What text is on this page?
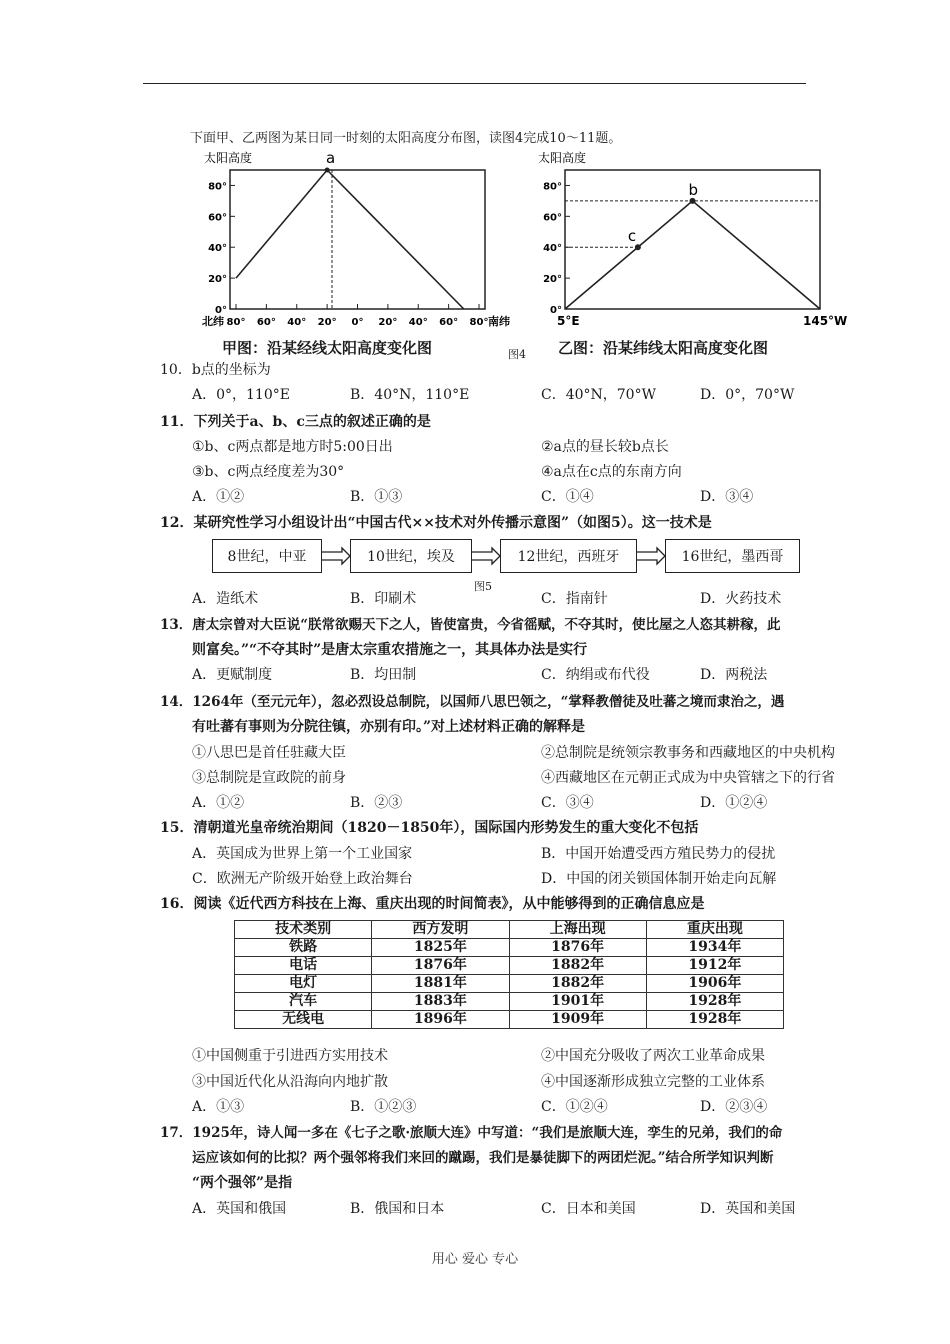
下面甲、乙两图为某日同一时刻的太阳高度分布图，读图4完成10～11题。
太阳高度	a
80°
60°
40°
20°
0°
北纬 80° 60° 40° 20° 0° 20° 40° 60° 80° 南纬
甲图：沿某经线太阳高度变化图	图4
太阳高度
80°
60°
40°
20°
0°
b
c
5°E	145°W
乙图：沿某纬线太阳高度变化图
10．b点的坐标为
A．0°，110°E	B．40°N，110°E	C．40°N，70°W	D．0°，70°W
11．下列关于a、b、c三点的叙述正确的是
①b、c两点都是地方时5:00日出	②a点的昼长较b点长
③b、c两点经度差为30°	④a点在c点的东南方向
A．①②	B．①③	C．①④	D．③④
12．某研究性学习小组设计出“中国古代××技术对外传播示意图”（如图5）。这一技术是
8世纪，中亚	10世纪，埃及	12世纪，西班牙	16世纪，墨西哥
图5
A．造纸术	B．印刷术	C．指南针	D．火药技术
13．唐太宗曾对大臣说“朕常欲赐天下之人，皆使富贵，今省徭赋，不夺其时，使比屋之人恣其耕稼，此
则富矣。”“不夺其时”是唐太宗重农措施之一，其具体办法是实行
A．更赋制度	B．均田制	C．纳绢或布代役	D．两税法
14．1264年（至元元年），忽必烈设总制院，以国师八思巴领之，“掌释教僧徒及吐蕃之境而隶治之，遇
有吐蕃有事则为分院往镇，亦别有印。”对上述材料正确的解释是
①八思巴是首任驻藏大臣	②总制院是统领宗教事务和西藏地区的中央机构
③总制院是宣政院的前身	④西藏地区在元朝正式成为中央管辖之下的行省
A．①②	B．②③	C．③④	D．①②④
15．清朝道光皇帝统治期间（1820－1850年），国际国内形势发生的重大变化不包括
A．英国成为世界上第一个工业国家	B．中国开始遭受西方殖民势力的侵扰
C．欧洲无产阶级开始登上政治舞台	D．中国的闭关锁国体制开始走向瓦解
16．阅读《近代西方科技在上海、重庆出现的时间简表》，从中能够得到的正确信息应是
技术类别	西方发明	上海出现	重庆出现
铁路	1825年	1876年	1934年
电话	1876年	1882年	1912年
电灯	1881年	1882年	1906年
汽车	1883年	1901年	1928年
无线电	1896年	1909年	1928年
①中国侧重于引进西方实用技术	②中国充分吸收了两次工业革命成果
③中国近代化从沿海向内地扩散	④中国逐渐形成独立完整的工业体系
A．①③	B．①②③	C．①②④	D．②③④
17．1925年，诗人闻一多在《七子之歌·旅顺大连》中写道：“我们是旅顺大连，孪生的兄弟，我们的命
运应该如何的比拟？两个强邻将我们来回的蹴踢，我们是暴徒脚下的两团烂泥。”结合所学知识判断
“两个强邻”是指
A．英国和俄国	B．俄国和日本	C．日本和美国	D．英国和美国
用心 爱心 专心
